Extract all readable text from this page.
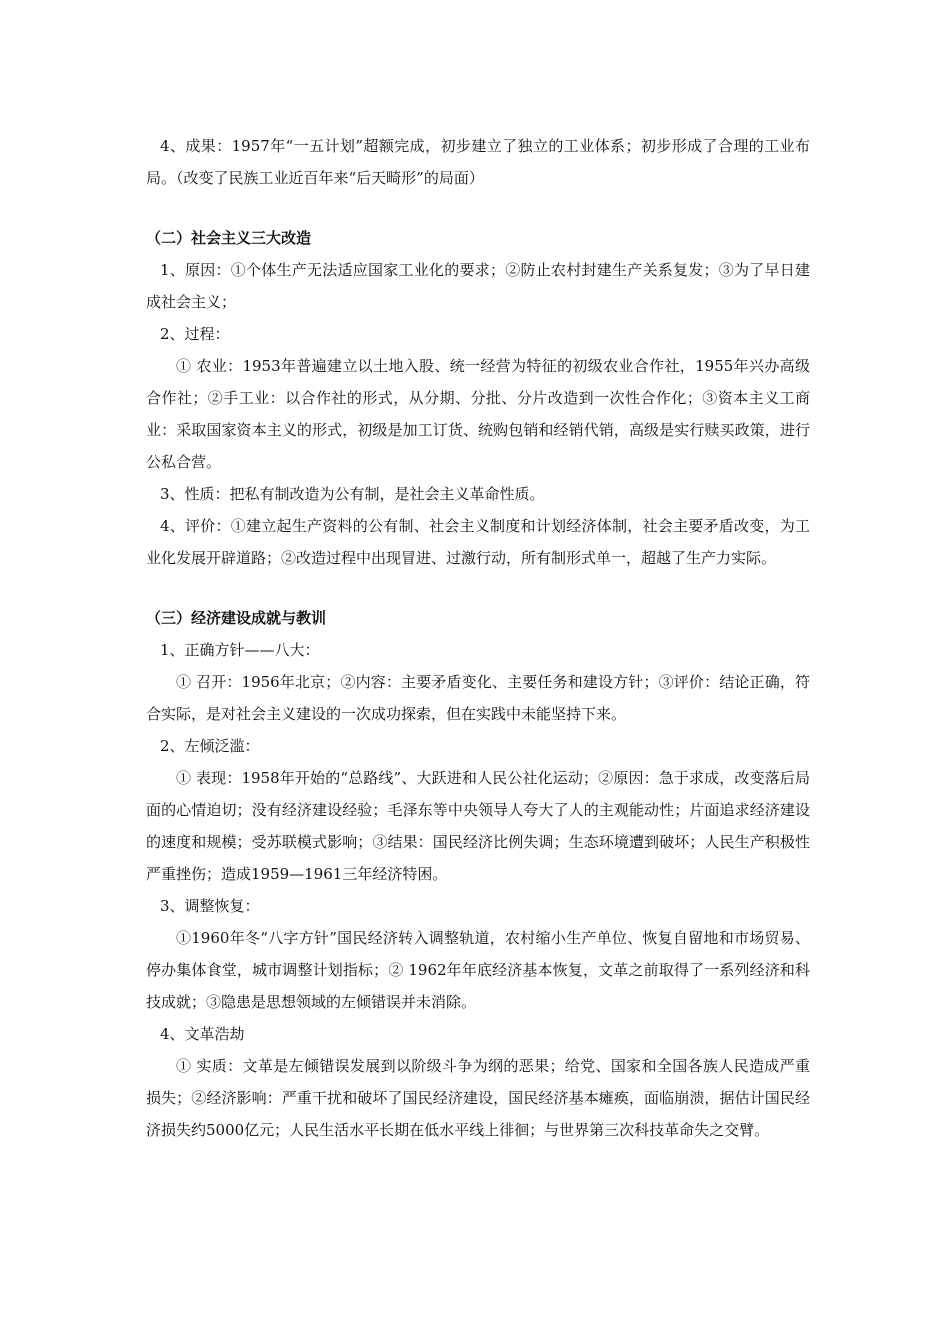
4、成果：1957年“一五计划”超额完成，初步建立了独立的工业体系；初步形成了合理的工业布局。（改变了民族工业近百年来“后天畸形”的局面）

（二）社会主义三大改造

1、原因：①个体生产无法适应国家工业化的要求；②防止农村封建生产关系复发；③为了早日建成社会主义；

2、过程：

① 农业：1953年普遍建立以土地入股、统一经营为特征的初级农业合作社，1955年兴办高级合作社；②手工业：以合作社的形式，从分期、分批、分片改造到一次性合作化；③资本主义工商业：采取国家资本主义的形式，初级是加工订货、统购包销和经销代销，高级是实行赎买政策，进行公私合营。

3、性质：把私有制改造为公有制，是社会主义革命性质。

4、评价：①建立起生产资料的公有制、社会主义制度和计划经济体制，社会主要矛盾改变，为工业化发展开辟道路；②改造过程中出现冒进、过激行动，所有制形式单一，超越了生产力实际。

（三）经济建设成就与教训

1、正确方针——八大：

① 召开：1956年北京；②内容：主要矛盾变化、主要任务和建设方针；③评价：结论正确，符合实际，是对社会主义建设的一次成功探索，但在实践中未能坚持下来。

2、左倾泛滥：

① 表现：1958年开始的“总路线”、大跃进和人民公社化运动；②原因：急于求成，改变落后局面的心情迫切；没有经济建设经验；毛泽东等中央领导人夸大了人的主观能动性；片面追求经济建设的速度和规模；受苏联模式影响；③结果：国民经济比例失调；生态环境遭到破坏；人民生产积极性严重挫伤；造成1959—1961三年经济特困。

3、调整恢复：

①1960年冬“八字方针”国民经济转入调整轨道，农村缩小生产单位、恢复自留地和市场贸易、停办集体食堂，城市调整计划指标；② 1962年年底经济基本恢复，文革之前取得了一系列经济和科技成就；③隐患是思想领域的左倾错误并未消除。

4、文革浩劫

① 实质：文革是左倾错误发展到以阶级斗争为纲的恶果；给党、国家和全国各族人民造成严重损失；②经济影响：严重干扰和破坏了国民经济建设，国民经济基本瘫痪，面临崩溃，据估计国民经济损失约5000亿元；人民生活水平长期在低水平线上徘徊；与世界第三次科技革命失之交臂。
